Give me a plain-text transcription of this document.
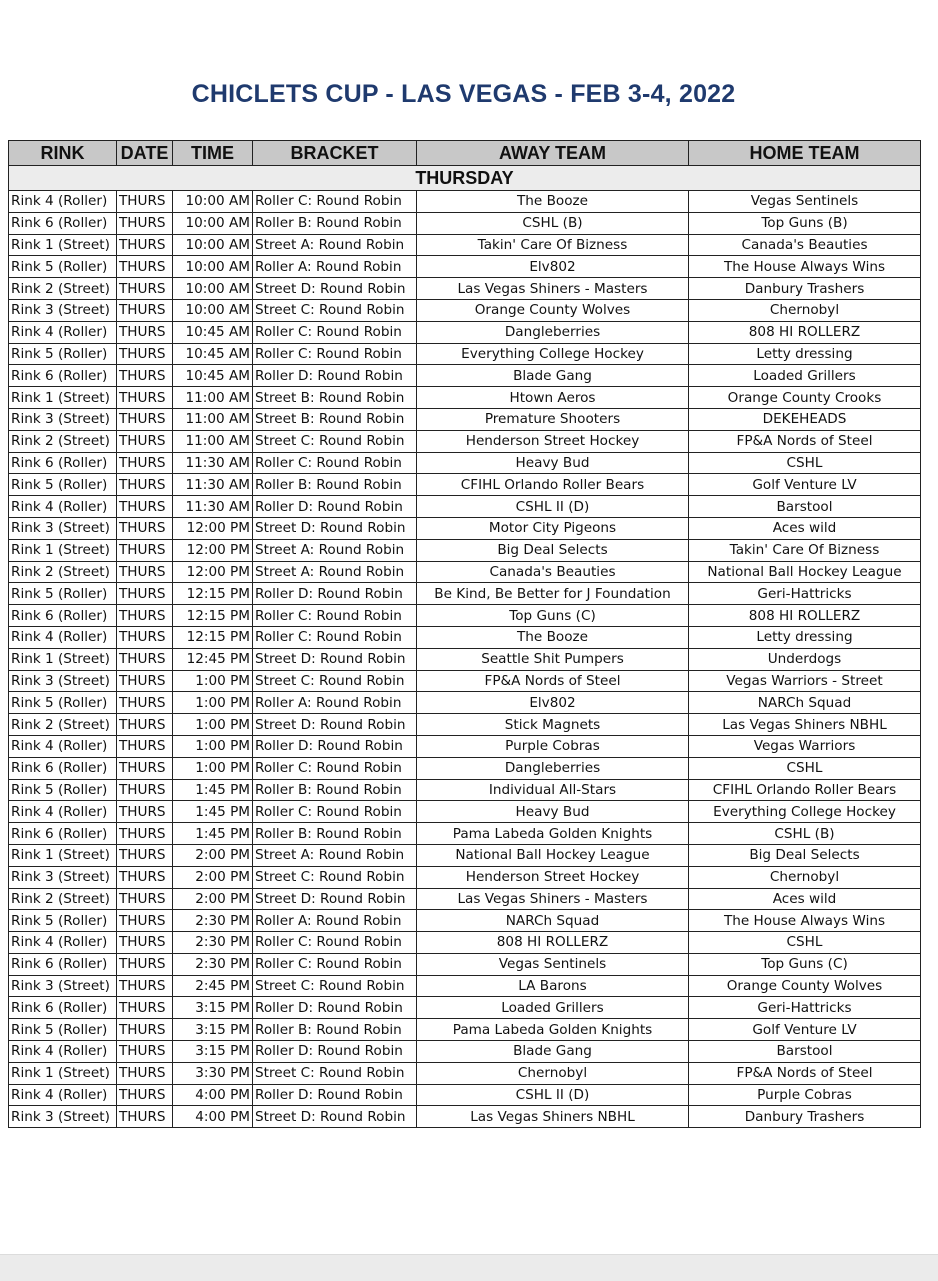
CHICLETS CUP - LAS VEGAS - FEB 3-4, 2022
RINK	DATE	TIME	BRACKET	AWAY TEAM	HOME TEAM
THURSDAY					
Rink 4 (Roller)	THURS	10:00 AM	Roller C: Round Robin	The Booze	Vegas Sentinels
Rink 6 (Roller)	THURS	10:00 AM	Roller B: Round Robin	CSHL (B)	Top Guns (B)
Rink 1 (Street)	THURS	10:00 AM	Street A: Round Robin	Takin' Care Of Bizness	Canada's Beauties
Rink 5 (Roller)	THURS	10:00 AM	Roller A: Round Robin	Elv802	The House Always Wins
Rink 2 (Street)	THURS	10:00 AM	Street D: Round Robin	Las Vegas Shiners - Masters	Danbury Trashers
Rink 3 (Street)	THURS	10:00 AM	Street C: Round Robin	Orange County Wolves	Chernobyl
Rink 4 (Roller)	THURS	10:45 AM	Roller C: Round Robin	Dangleberries	808 HI ROLLERZ
Rink 5 (Roller)	THURS	10:45 AM	Roller C: Round Robin	Everything College Hockey	Letty dressing
Rink 6 (Roller)	THURS	10:45 AM	Roller D: Round Robin	Blade Gang	Loaded Grillers
Rink 1 (Street)	THURS	11:00 AM	Street B: Round Robin	Htown Aeros	Orange County Crooks
Rink 3 (Street)	THURS	11:00 AM	Street B: Round Robin	Premature Shooters	DEKEHEADS
Rink 2 (Street)	THURS	11:00 AM	Street C: Round Robin	Henderson Street Hockey	FP&A Nords of Steel
Rink 6 (Roller)	THURS	11:30 AM	Roller C: Round Robin	Heavy Bud	CSHL
Rink 5 (Roller)	THURS	11:30 AM	Roller B: Round Robin	CFIHL Orlando Roller Bears	Golf Venture LV
Rink 4 (Roller)	THURS	11:30 AM	Roller D: Round Robin	CSHL II (D)	Barstool
Rink 3 (Street)	THURS	12:00 PM	Street D: Round Robin	Motor City Pigeons	Aces wild
Rink 1 (Street)	THURS	12:00 PM	Street A: Round Robin	Big Deal Selects	Takin' Care Of Bizness
Rink 2 (Street)	THURS	12:00 PM	Street A: Round Robin	Canada's Beauties	National Ball Hockey League
Rink 5 (Roller)	THURS	12:15 PM	Roller D: Round Robin	Be Kind, Be Better for J Foundation	Geri-Hattricks
Rink 6 (Roller)	THURS	12:15 PM	Roller C: Round Robin	Top Guns (C)	808 HI ROLLERZ
Rink 4 (Roller)	THURS	12:15 PM	Roller C: Round Robin	The Booze	Letty dressing
Rink 1 (Street)	THURS	12:45 PM	Street D: Round Robin	Seattle Shit Pumpers	Underdogs
Rink 3 (Street)	THURS	1:00 PM	Street C: Round Robin	FP&A Nords of Steel	Vegas Warriors - Street
Rink 5 (Roller)	THURS	1:00 PM	Roller A: Round Robin	Elv802	NARCh Squad
Rink 2 (Street)	THURS	1:00 PM	Street D: Round Robin	Stick Magnets	Las Vegas Shiners NBHL
Rink 4 (Roller)	THURS	1:00 PM	Roller D: Round Robin	Purple Cobras	Vegas Warriors
Rink 6 (Roller)	THURS	1:00 PM	Roller C: Round Robin	Dangleberries	CSHL
Rink 5 (Roller)	THURS	1:45 PM	Roller B: Round Robin	Individual All-Stars	CFIHL Orlando Roller Bears
Rink 4 (Roller)	THURS	1:45 PM	Roller C: Round Robin	Heavy Bud	Everything College Hockey
Rink 6 (Roller)	THURS	1:45 PM	Roller B: Round Robin	Pama Labeda Golden Knights	CSHL (B)
Rink 1 (Street)	THURS	2:00 PM	Street A: Round Robin	National Ball Hockey League	Big Deal Selects
Rink 3 (Street)	THURS	2:00 PM	Street C: Round Robin	Henderson Street Hockey	Chernobyl
Rink 2 (Street)	THURS	2:00 PM	Street D: Round Robin	Las Vegas Shiners - Masters	Aces wild
Rink 5 (Roller)	THURS	2:30 PM	Roller A: Round Robin	NARCh Squad	The House Always Wins
Rink 4 (Roller)	THURS	2:30 PM	Roller C: Round Robin	808 HI ROLLERZ	CSHL
Rink 6 (Roller)	THURS	2:30 PM	Roller C: Round Robin	Vegas Sentinels	Top Guns (C)
Rink 3 (Street)	THURS	2:45 PM	Street C: Round Robin	LA Barons	Orange County Wolves
Rink 6 (Roller)	THURS	3:15 PM	Roller D: Round Robin	Loaded Grillers	Geri-Hattricks
Rink 5 (Roller)	THURS	3:15 PM	Roller B: Round Robin	Pama Labeda Golden Knights	Golf Venture LV
Rink 4 (Roller)	THURS	3:15 PM	Roller D: Round Robin	Blade Gang	Barstool
Rink 1 (Street)	THURS	3:30 PM	Street C: Round Robin	Chernobyl	FP&A Nords of Steel
Rink 4 (Roller)	THURS	4:00 PM	Roller D: Round Robin	CSHL II (D)	Purple Cobras
Rink 3 (Street)	THURS	4:00 PM	Street D: Round Robin	Las Vegas Shiners NBHL	Danbury Trashers
